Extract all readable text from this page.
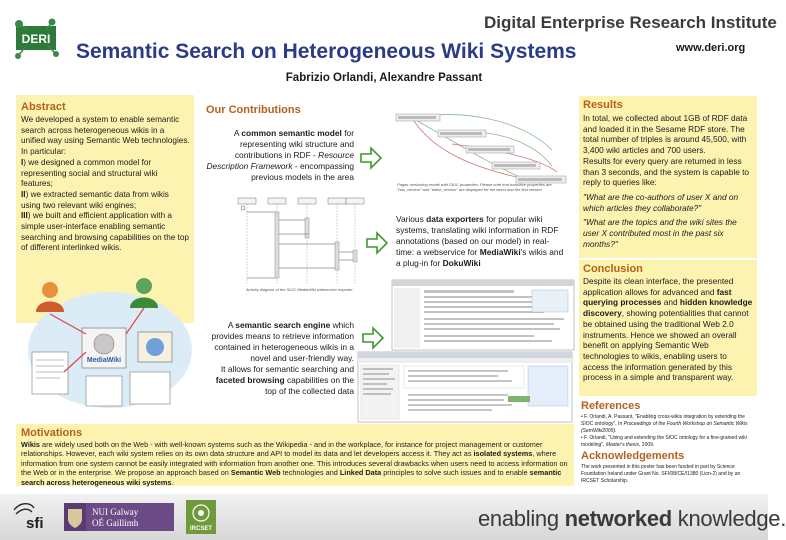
DERI
Semantic Search on Heterogeneous Wiki Systems
Digital Enterprise Research Institute
www.deri.org
Fabrizio Orlandi, Alexandre Passant
Abstract
We developed a system to enable semantic search across heterogeneous wikis in a unified way using Semantic Web technologies. In particular:
I) we designed a common model for representing social and structural wiki features;
II) we extracted semantic data from wikis using two relevant wiki engines;
III) we built and efficient application with a simple user-interface enabling semantic searching and browsing capabilities on the top of different interlinked wikis.
Our Contributions
A common semantic model for representing wiki structure and contributions in RDF - Resource Description Framework - encompassing previous models in the area
Pages versioning model with SIOC properties. Please note that transitive properties are "has_version" and "latest_version" are displayed for the latest and the first version
Activity diagram of the SIOC MediaWiki webservice exporter
Various data exporters for popular wiki systems, translating wiki information in RDF annotations (based on our model) in real-time: a webservice for MediaWiki's wikis and a plug-in for DokuWiki
MediaWiki
A semantic search engine which provides means to retrieve information contained in heterogeneous wikis in a novel and user-friendly way.
It allows for semantic searching and faceted browsing capabilities on the top of the collected data
Results
In total, we collected about 1GB of RDF data and loaded it in the Sesame RDF store. The total number of triples is around 45,500, with 3,400 wiki articles and 700 users.
Results for every query are returned in less than 3 seconds, and the system is capable to reply to queries like:
"What are the co-authors of user X and on which articles they collaborate?"
"What are the topics and the wiki sites the user X contributed most in the past six months?"
Conclusion
Despite its clean interface, the presented application allows for advanced and fast querying processes and hidden knowledge discovery, showing potentialities that cannot be obtained using the traditional Web 2.0 instruments. Hence we showed an overall benefit on applying Semantic Web technologies to wikis, enabling users to access the information generated by this process in a simple and transparent way.
References
• F. Orlandi, A. Passant, "Enabling cross-wikis integration by extending the SIOC ontology", In Proceedings of the Fourth Workshop on Semantic Wikis (SemWiki2009).
• F. Orlandi, "Using and extending the SIOC ontology for a fine-grained wiki modeling", Master's thesis, 2009.
Acknowledgements
The work presented in this poster has been funded in part by Science Foundation Ireland under Grant No. SFI/08/CE/I1380 (Lion-2) and by an IRCSET Scholarship.
Motivations
Wikis are widely used both on the Web - with well-known systems such as the Wikipedia - and in the workplace, for instance for project management or customer relationships. However, each wiki system relies on its own data structure and API to model its data and let developers access it. They act as isolated systems, where information from one system cannot be easily integrated with information from another one. This introduces several drawbacks when users need to access information on the Web or in the enterprise. We propose an approach based on Semantic Web technologies and Linked Data principles to solve such issues and to enable semantic search across heterogeneous wiki systems.
sfi
NUI Galway
OÉ Gaillimh
IRCSET	enabling networked knowledge.
